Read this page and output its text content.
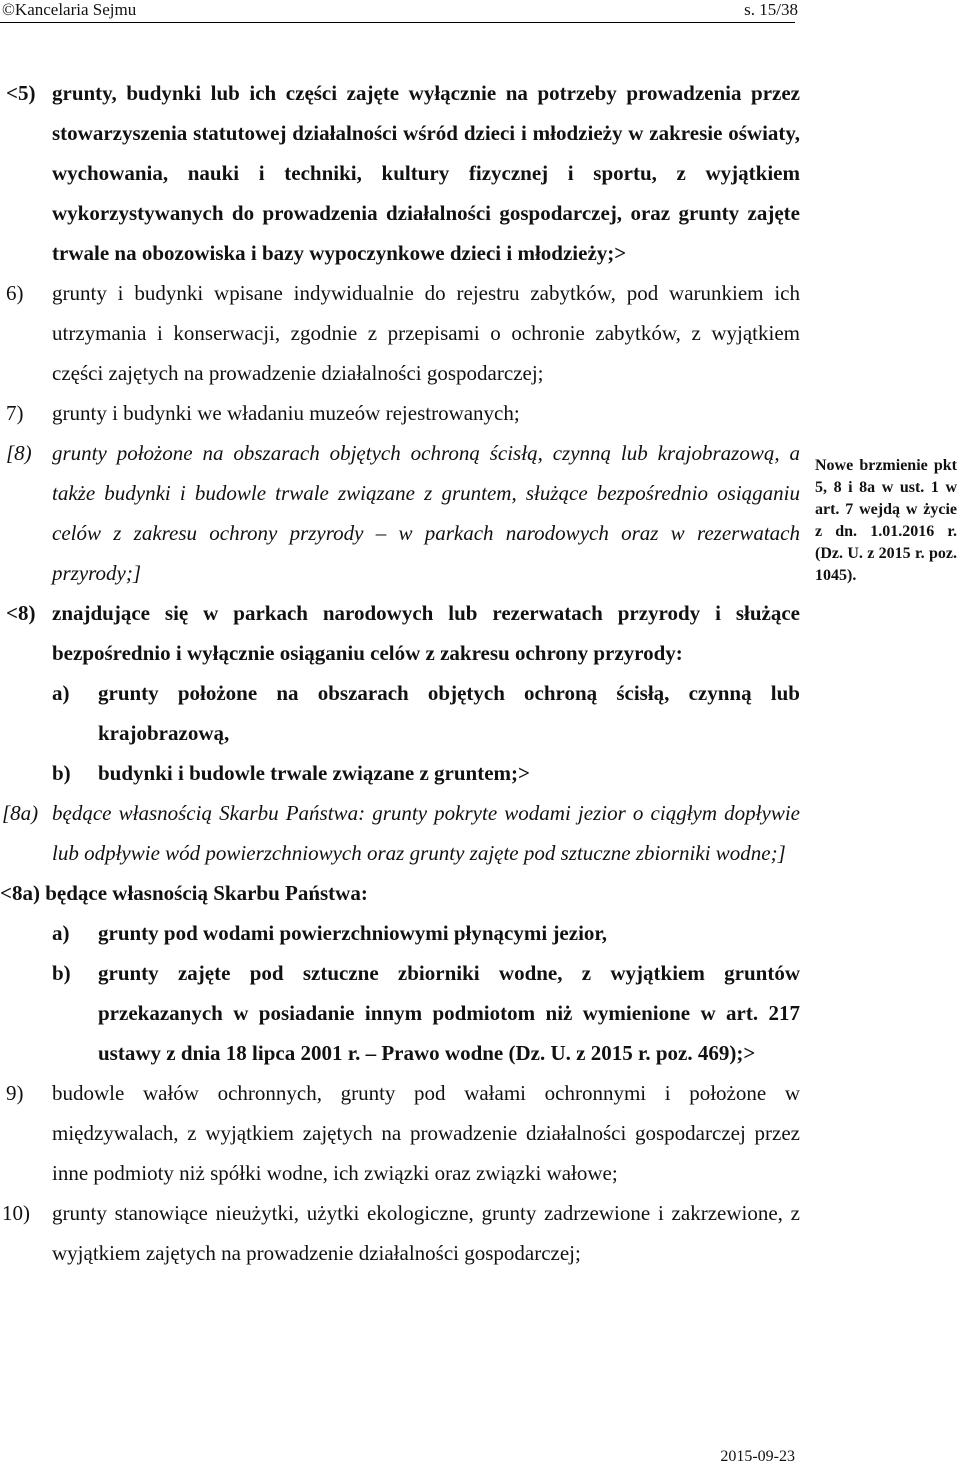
©Kancelaria Sejmu	s. 15/38

<5) grunty, budynki lub ich części zajęte wyłącznie na potrzeby prowadzenia przez stowarzyszenia statutowej działalności wśród dzieci i młodzieży w zakresie oświaty, wychowania, nauki i techniki, kultury fizycznej i sportu, z wyjątkiem wykorzystywanych do prowadzenia działalności gospodarczej, oraz grunty zajęte trwale na obozowiska i bazy wypoczynkowe dzieci i młodzieży;>

6) grunty i budynki wpisane indywidualnie do rejestru zabytków, pod warunkiem ich utrzymania i konserwacji, zgodnie z przepisami o ochronie zabytków, z wyjątkiem części zajętych na prowadzenie działalności gospodarczej;

7) grunty i budynki we władaniu muzeów rejestrowanych;

[8) grunty położone na obszarach objętych ochroną ścisłą, czynną lub krajobrazową, a także budynki i budowle trwale związane z gruntem, służące bezpośrednio osiąganiu celów z zakresu ochrony przyrody – w parkach narodowych oraz w rezerwatach przyrody;]

<8) znajdujące się w parkach narodowych lub rezerwatach przyrody i służące bezpośrednio i wyłącznie osiąganiu celów z zakresu ochrony przyrody:

a) grunty położone na obszarach objętych ochroną ścisłą, czynną lub krajobrazową,

b) budynki i budowle trwale związane z gruntem;>

[8a) będące własnością Skarbu Państwa: grunty pokryte wodami jezior o ciągłym dopływie lub odpływie wód powierzchniowych oraz grunty zajęte pod sztuczne zbiorniki wodne;]

<8a) będące własnością Skarbu Państwa:

a) grunty pod wodami powierzchniowymi płynącymi jezior,

b) grunty zajęte pod sztuczne zbiorniki wodne, z wyjątkiem gruntów przekazanych w posiadanie innym podmiotom niż wymienione w art. 217 ustawy z dnia 18 lipca 2001 r. – Prawo wodne (Dz. U. z 2015 r. poz. 469);>

9) budowle wałów ochronnych, grunty pod wałami ochronnymi i położone w międzywalach, z wyjątkiem zajętych na prowadzenie działalności gospodarczej przez inne podmioty niż spółki wodne, ich związki oraz związki wałowe;

10) grunty stanowiące nieużytki, użytki ekologiczne, grunty zadrzewione i zakrzewione, z wyjątkiem zajętych na prowadzenie działalności gospodarczej;

Nowe brzmienie pkt 5, 8 i 8a w ust. 1 w art. 7 wejdą w życie z dn. 1.01.2016 r. (Dz. U. z 2015 r. poz. 1045).
2015-09-23
